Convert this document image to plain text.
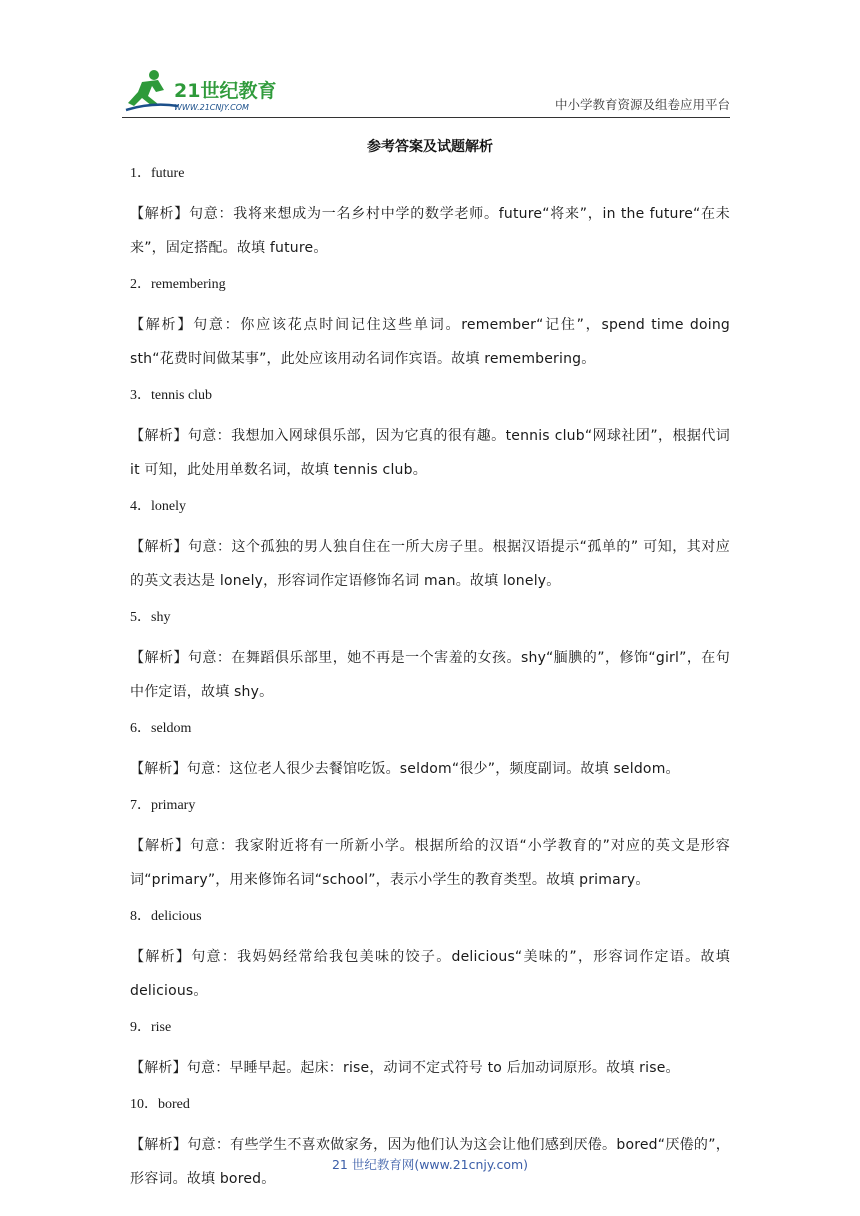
21世纪教育
WWW.21CNJY.COM	中小学教育资源及组卷应用平台
参考答案及试题解析
1．future
【解析】句意：我将来想成为一名乡村中学的数学老师。future“将来”，in the future“在未来”，固定搭配。故填 future。
2．remembering
【解析】句意：你应该花点时间记住这些单词。remember“记住”，spend time doing sth“花费时间做某事”，此处应该用动名词作宾语。故填 remembering。
3．tennis club
【解析】句意：我想加入网球俱乐部，因为它真的很有趣。tennis club“网球社团”，根据代词 it 可知，此处用单数名词，故填 tennis club。
4．lonely
【解析】句意：这个孤独的男人独自住在一所大房子里。根据汉语提示“孤单的” 可知，其对应的英文表达是 lonely，形容词作定语修饰名词 man。故填 lonely。
5．shy
【解析】句意：在舞蹈俱乐部里，她不再是一个害羞的女孩。shy“腼腆的”，修饰“girl”，在句中作定语，故填 shy。
6．seldom
【解析】句意：这位老人很少去餐馆吃饭。seldom“很少”，频度副词。故填 seldom。
7．primary
【解析】句意：我家附近将有一所新小学。根据所给的汉语“小学教育的”对应的英文是形容词“primary”，用来修饰名词“school”，表示小学生的教育类型。故填 primary。
8．delicious
【解析】句意：我妈妈经常给我包美味的饺子。delicious“美味的”，形容词作定语。故填 delicious。
9．rise
【解析】句意：早睡早起。起床：rise，动词不定式符号 to 后加动词原形。故填 rise。
10．bored
【解析】句意：有些学生不喜欢做家务，因为他们认为这会让他们感到厌倦。bored“厌倦的”，形容词。故填 bored。
21 世纪教育网(www.21cnjy.com)
